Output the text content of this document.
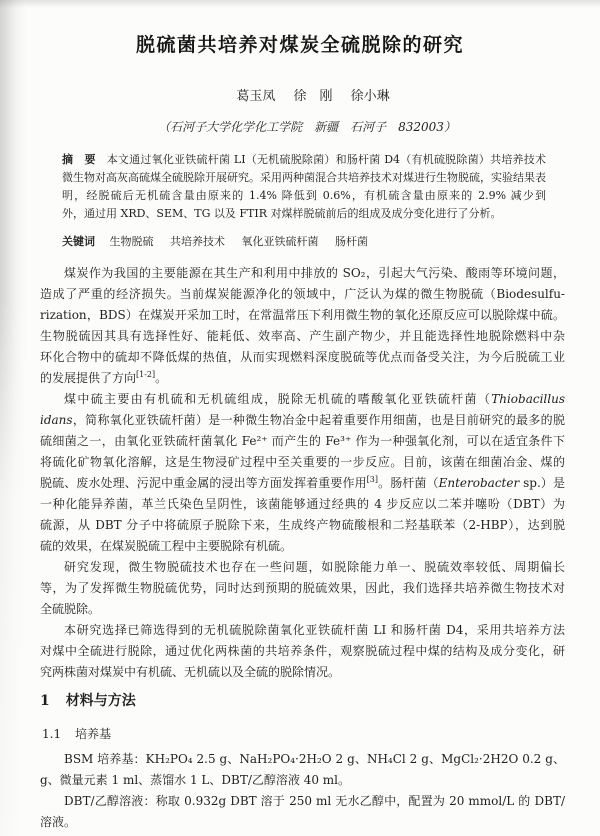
脱硫菌共培养对煤炭全硫脱除的研究
葛玉凤 徐　刚 徐小琳
（石河子大学化学化工学院　新疆　石河子　832003）
摘　要 本文通过氧化亚铁硫杆菌 LI（无机硫脱除菌）和肠杆菌 D4（有机硫脱除菌）共培养技术
微生物对高灰高硫煤全硫脱除开展研究。采用两种菌混合共培养技术对煤进行生物脱硫，实验结果表
明，经脱硫后无机硫含量由原来的 1.4% 降低到 0.6%，有机硫含量由原来的 2.9% 减少到
外，通过用 XRD、SEM、TG 以及 FTIR 对煤样脱硫前后的组成及成分变化进行了分析。
关键词 生物脱硫 共培养技术 氧化亚铁硫杆菌 肠杆菌
煤炭作为我国的主要能源在其生产和利用中排放的 SO₂，引起大气污染、酸雨等环境问题，
造成了严重的经济损失。当前煤炭能源净化的领域中，广泛认为煤的微生物脱硫（Biodesulfu-
rization，BDS）在煤炭开采加工时，在常温常压下利用微生物的氧化还原反应可以脱除煤中硫。
生物脱硫因其具有选择性好、能耗低、效率高、产生副产物少，并且能选择性地脱除燃料中杂
环化合物中的硫却不降低煤的热值，从而实现燃料深度脱硫等优点而备受关注，为今后脱硫工业
的发展提供了方向[1-2]。
煤中硫主要由有机硫和无机硫组成，脱除无机硫的嗜酸氧化亚铁硫杆菌（Thiobacillus
idans，简称氧化亚铁硫杆菌）是一种微生物冶金中起着重要作用细菌，也是目前研究的最多的脱
硫细菌之一，由氧化亚铁硫杆菌氧化 Fe²⁺ 而产生的 Fe³⁺ 作为一种强氧化剂，可以在适宜条件下
将硫化矿物氧化溶解，这是生物浸矿过程中至关重要的一步反应。目前，该菌在细菌冶金、煤的
脱硫、废水处理、污泥中重金属的浸出等方面发挥着重要作用[3]。肠杆菌（Enterobacter sp.）是
一种化能异养菌，革兰氏染色呈阴性，该菌能够通过经典的 4 步反应以二苯并噻吩（DBT）为
硫源，从 DBT 分子中将硫原子脱除下来，生成终产物硫酸根和二羟基联苯（2-HBP），达到脱
硫的效果，在煤炭脱硫工程中主要脱除有机硫。
研究发现，微生物脱硫技术也存在一些问题，如脱除能力单一、脱硫效率较低、周期偏长
等，为了发挥微生物脱硫优势，同时达到预期的脱硫效果，因此，我们选择共培养微生物技术对
全硫脱除。
本研究选择已筛选得到的无机硫脱除菌氧化亚铁硫杆菌 LI 和肠杆菌 D4，采用共培养方法
对煤中全硫进行脱除，通过优化两株菌的共培养条件，观察脱硫过程中煤的结构及成分变化，研
究两株菌对煤炭中有机硫、无机硫以及全硫的脱除情况。
1 材料与方法
1.1 培养基
BSM 培养基：KH₂PO₄ 2.5 g、NaH₂PO₄·2H₂O 2 g、NH₄Cl 2 g、MgCl₂·2H2O 0.2 g、
g、微量元素 1 ml、蒸馏水 1 L、DBT/乙醇溶液 40 ml。
DBT/乙醇溶液：称取 0.932g DBT 溶于 250 ml 无水乙醇中，配置为 20 mmol/L 的 DBT/
溶液。
